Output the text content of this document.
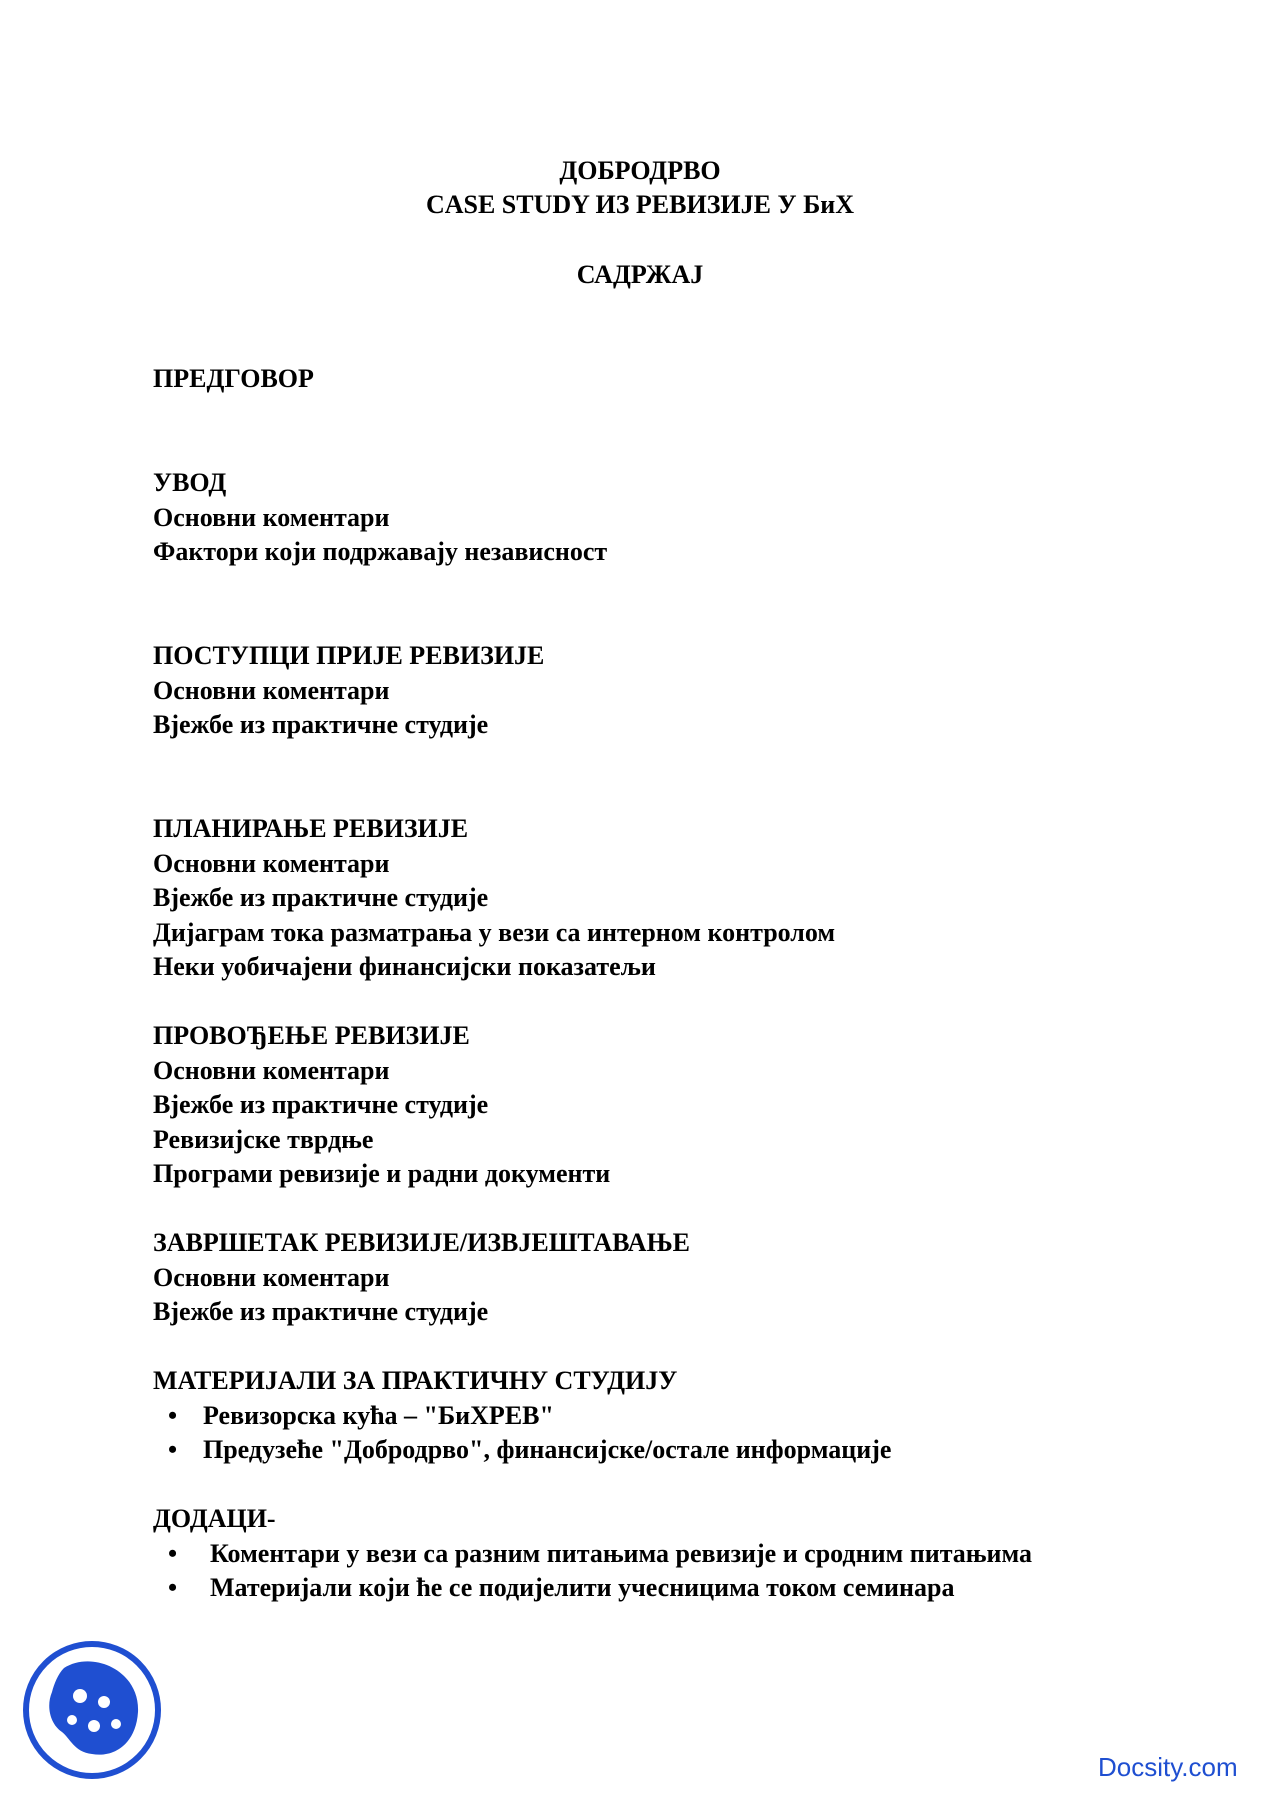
ДОБРОДРВО
CASE STUDY ИЗ РЕВИЗИЈЕ У БиХ
САДРЖАЈ
ПРЕДГОВОР
УВОД
Основни коментари
Фактори који подржавају независност
ПОСТУПЦИ ПРИЈЕ РЕВИЗИЈЕ
Основни коментари
Вјежбе из практичне студије
ПЛАНИРАЊЕ РЕВИЗИЈЕ
Основни коментари
Вјежбе из практичне студије
Дијаграм тока разматрања у вези са интерном контролом
Неки уобичајени финансијски показатељи
ПРОВОЂЕЊЕ РЕВИЗИЈЕ
Основни коментари
Вјежбе из практичне студије
Ревизијске тврдње
Програми ревизије и радни документи
ЗАВРШЕТАК РЕВИЗИЈЕ/ИЗВЈЕШТАВАЊЕ
Основни коментари
Вјежбе из практичне студије
МАТЕРИЈАЛИ ЗА ПРАКТИЧНУ СТУДИЈУ
• Ревизорска кућа – "БиХРЕВ"
• Предузеће "Добродрво", финансијске/остале информације
ДОДАЦИ-
• Коментари у вези са разним питањима ревизије и сродним питањима
• Материјали који ће се подијелити учесницима током семинара
Docsity.com
